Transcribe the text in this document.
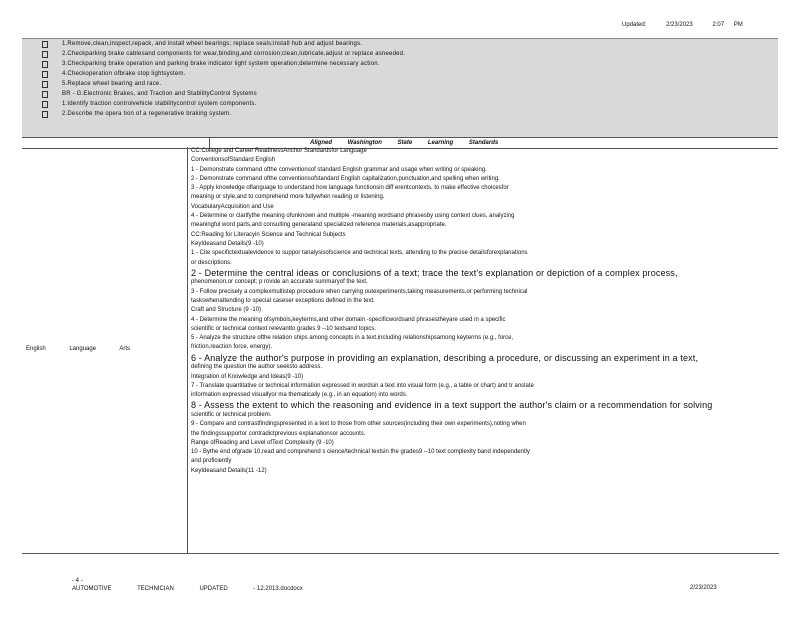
Updated:	2/23/2023	2:07 PM
1.Remove,clean,inspect,repack, and install wheel bearings; replace seals;install hub and adjust bearings.
2.Checkparking brake cablesand components for wear,binding,and corrosion;clean,lubricate,adjust or replace asneeded.
3.Checkparking brake operation and parking brake indicator light system operation;determine necessary action.
4.Checkoperation ofbrake stop lightsystem.
5.Replace wheel bearing and race.
BR - G.Electronic Brakes, and Traction and StabilityControl Systems
1.Identify traction controlvehicle stabilitycontrol system components.
2.Describe the opera tion of a regenerative braking system.
Aligned Washington State Learning Standards
English Language Arts
CC:College and Career ReadinessAnchor Standardsfor Language
ConventionsofStandard English
1 - Demonstrate command ofthe conventionsof standard English grammar and usage when writing or speaking.
2 - Demonstrate command ofthe conventionsofstandard English capitalization,punctuation,and spelling when writing.
3 - Apply knowledge oflanguage to understand how language functionsin diff erentcontexts, to make effective choicesfor
meaning or style,and to comprehend more fullywhen reading or listening.
VocabularyAcquisition and Use
4 - Determine or clarifythe meaning ofunknown and multiple -meaning wordsand phrasesby using context clues, analyzing
meaningful word parts,and consulting generaland specialized reference materials,asappropriate.
CC:Reading for Literacyin Science and Technical Subjects
KeyIdeasand Details(9 -10)
1 - Cite specifictextualevidence to suppor tanalysisofscience and technical texts, attending to the precise detailsforexplanations
or descriptions.
2 - Determine the central ideas or conclusions of a text; trace the text's explanation or depiction of a complex process,
phenomenon,or concept; p rovide an accurate summaryof the text.
3 - Follow precisely a complexmultistep procedure when carrying outexperiments,taking measurements,or performing technical
taskswhenattending to special caseser exceptions defined in the text.
Craft and Structure (9 -10)
4 - Determine the meaning ofsymbols,keyterms,and other domain -specificwordsand phrasestheyare used in a specific
scientific or technical context relevantto grades 9 --10 textsand topics.
5 - Analyze the structure ofthe relation ships among concepts in a text,including relationshipsamong keyterms (e.g., force,
friction,reaction force, energy).
6 - Analyze the author's purpose in providing an explanation, describing a procedure, or discussing an experiment in a text,
defining the question the author seeksto address.
Integration of Knowledge and Ideas(9 -10)
7 - Translate quantitative or technical information expressed in wordsin a text into visual form (e.g., a table or chart) and tr anslate
information expressed visuallyor ma thematically (e.g., in an equation) into words.
8 - Assess the extent to which the reasoning and evidence in a text support the author's claim or a recommendation for solving
scientific or technical problem.
9 - Compare and contrastfindingspresented in a text to those from other sources(including their own experiments),noting when
the findingssupportor contradictprevious explanationsor accounts.
Range ofReading and Level ofText Complexity (9 -10)
10 - Bythe end ofgrade 10,read and comprehend s cience/technical textsin the grades9 --10 text complexity band independently
and proficiently
KeyIdeasand Details(11 -12)
- 4 -
AUTOMOTIVE	TECHNICIAN	UPDATED	- 12.2013.docdocx	2/23/2023
